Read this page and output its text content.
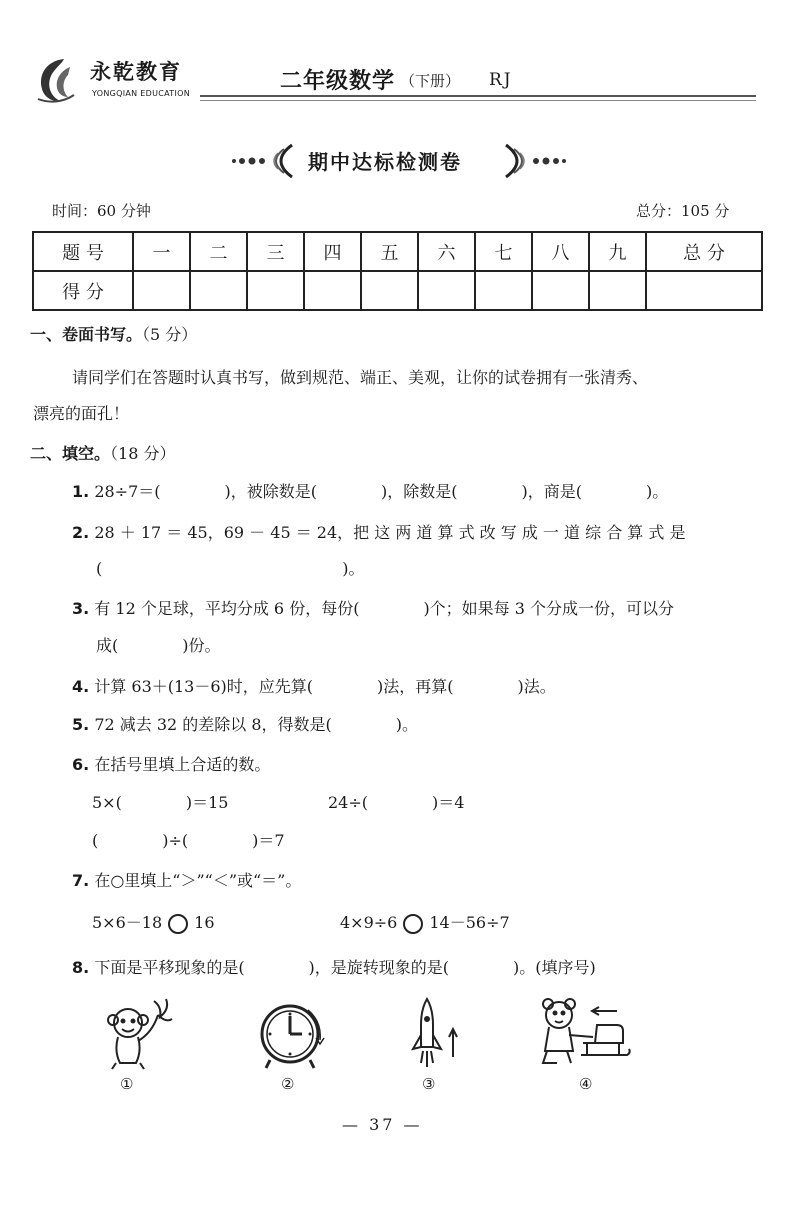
永乾教育
YONGQIAN EDUCATION	二年级数学 （下册） RJ
期中达标检测卷
时间：60 分钟	总分：105 分
题 号	一	二	三	四	五	六	七	八	九	总 分
得 分										
一、卷面书写。（5 分）
请同学们在答题时认真书写，做到规范、端正、美观，让你的试卷拥有一张清秀、
漂亮的面孔！
二、填空。（18 分）
1. 28÷7＝(　　　　)，被除数是(　　　　)，除数是(　　　　)，商是(　　　　)。
2. 28 ＋ 17 ＝ 45，69 － 45 ＝ 24，把 这 两 道 算 式 改 写 成 一 道 综 合 算 式 是
(　　　　　　　　　　　　　　　)。
3. 有 12 个足球，平均分成 6 份，每份(　　　　)个；如果每 3 个分成一份，可以分
成(　　　　)份。
4. 计算 63＋(13－6)时，应先算(　　　　)法，再算(　　　　)法。
5. 72 减去 32 的差除以 8，得数是(　　　　)。
6. 在括号里填上合适的数。
5×(　　　　)＝15	24÷(　　　　)＝4
(　　　　)÷(　　　　)＝7
7. 在○里填上“＞”“＜”或“＝”。
5×6－18 16	4×9÷6 14－56÷7
8. 下面是平移现象的是(　　　　)，是旋转现象的是(　　　　)。(填序号)
①	②	③	④
— 37 —
